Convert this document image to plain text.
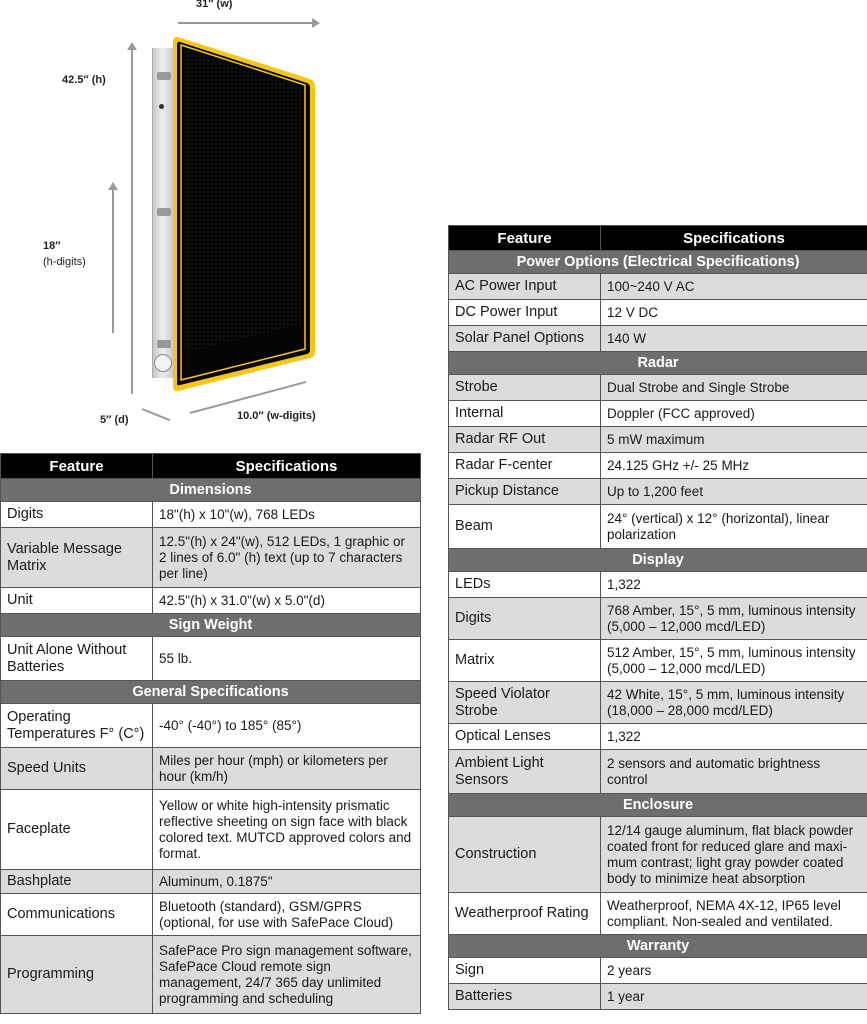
31″ (w)
42.5″ (h)
18″
(h-digits)
5″ (d)	10.0″ (w-digits)
Feature	Specifications
Dimensions	
Digits	18"(h) x 10"(w), 768 LEDs
Variable Message Matrix	12.5"(h) x 24"(w), 512 LEDs, 1 graphic or 2 lines of 6.0" (h) text (up to 7 characters per line)
Unit	42.5"(h) x 31.0"(w) x 5.0"(d)
Sign Weight	
Unit Alone Without Batteries	55 lb.
General Specifications	
Operating Temperatures F° (C°)	-40° (-40°) to 185° (85°)
Speed Units	Miles per hour (mph) or kilometers per hour (km/h)
Faceplate	Yellow or white high-intensity prismatic reflective sheeting on sign face with black colored text. MUTCD approved colors and format.
Bashplate	Aluminum, 0.1875"
Communications	Bluetooth (standard), GSM/GPRS (optional, for use with SafePace Cloud)
Programming	SafePace Pro sign management software, SafePace Cloud remote sign management, 24/7 365 day unlimited programming and scheduling
Feature	Specifications
Power Options (Electrical Specifications)	
AC Power Input	100~240 V AC
DC Power Input	12 V DC
Solar Panel Options	140 W
Radar	
Strobe	Dual Strobe and Single Strobe
Internal	Doppler (FCC approved)
Radar RF Out	5 mW maximum
Radar F-center	24.125 GHz +/- 25 MHz
Pickup Distance	Up to 1,200 feet
Beam	24° (vertical) x 12° (horizontal), linear polarization
Display	
LEDs	1,322
Digits	768 Amber, 15°, 5 mm, luminous intensity (5,000 – 12,000 mcd/LED)
Matrix	512 Amber, 15°, 5 mm, luminous intensity (5,000 – 12,000 mcd/LED)
Speed Violator Strobe	42 White, 15°, 5 mm, luminous intensity (18,000 – 28,000 mcd/LED)
Optical Lenses	1,322
Ambient Light Sensors	2 sensors and automatic brightness control
Enclosure	
Construction	12/14 gauge aluminum, flat black powder coated front for reduced glare and maxi-mum contrast; light gray powder coated body to minimize heat absorption
Weatherproof Rating	Weatherproof, NEMA 4X-12, IP65 level compliant. Non-sealed and ventilated.
Warranty	
Sign	2 years
Batteries	1 year
